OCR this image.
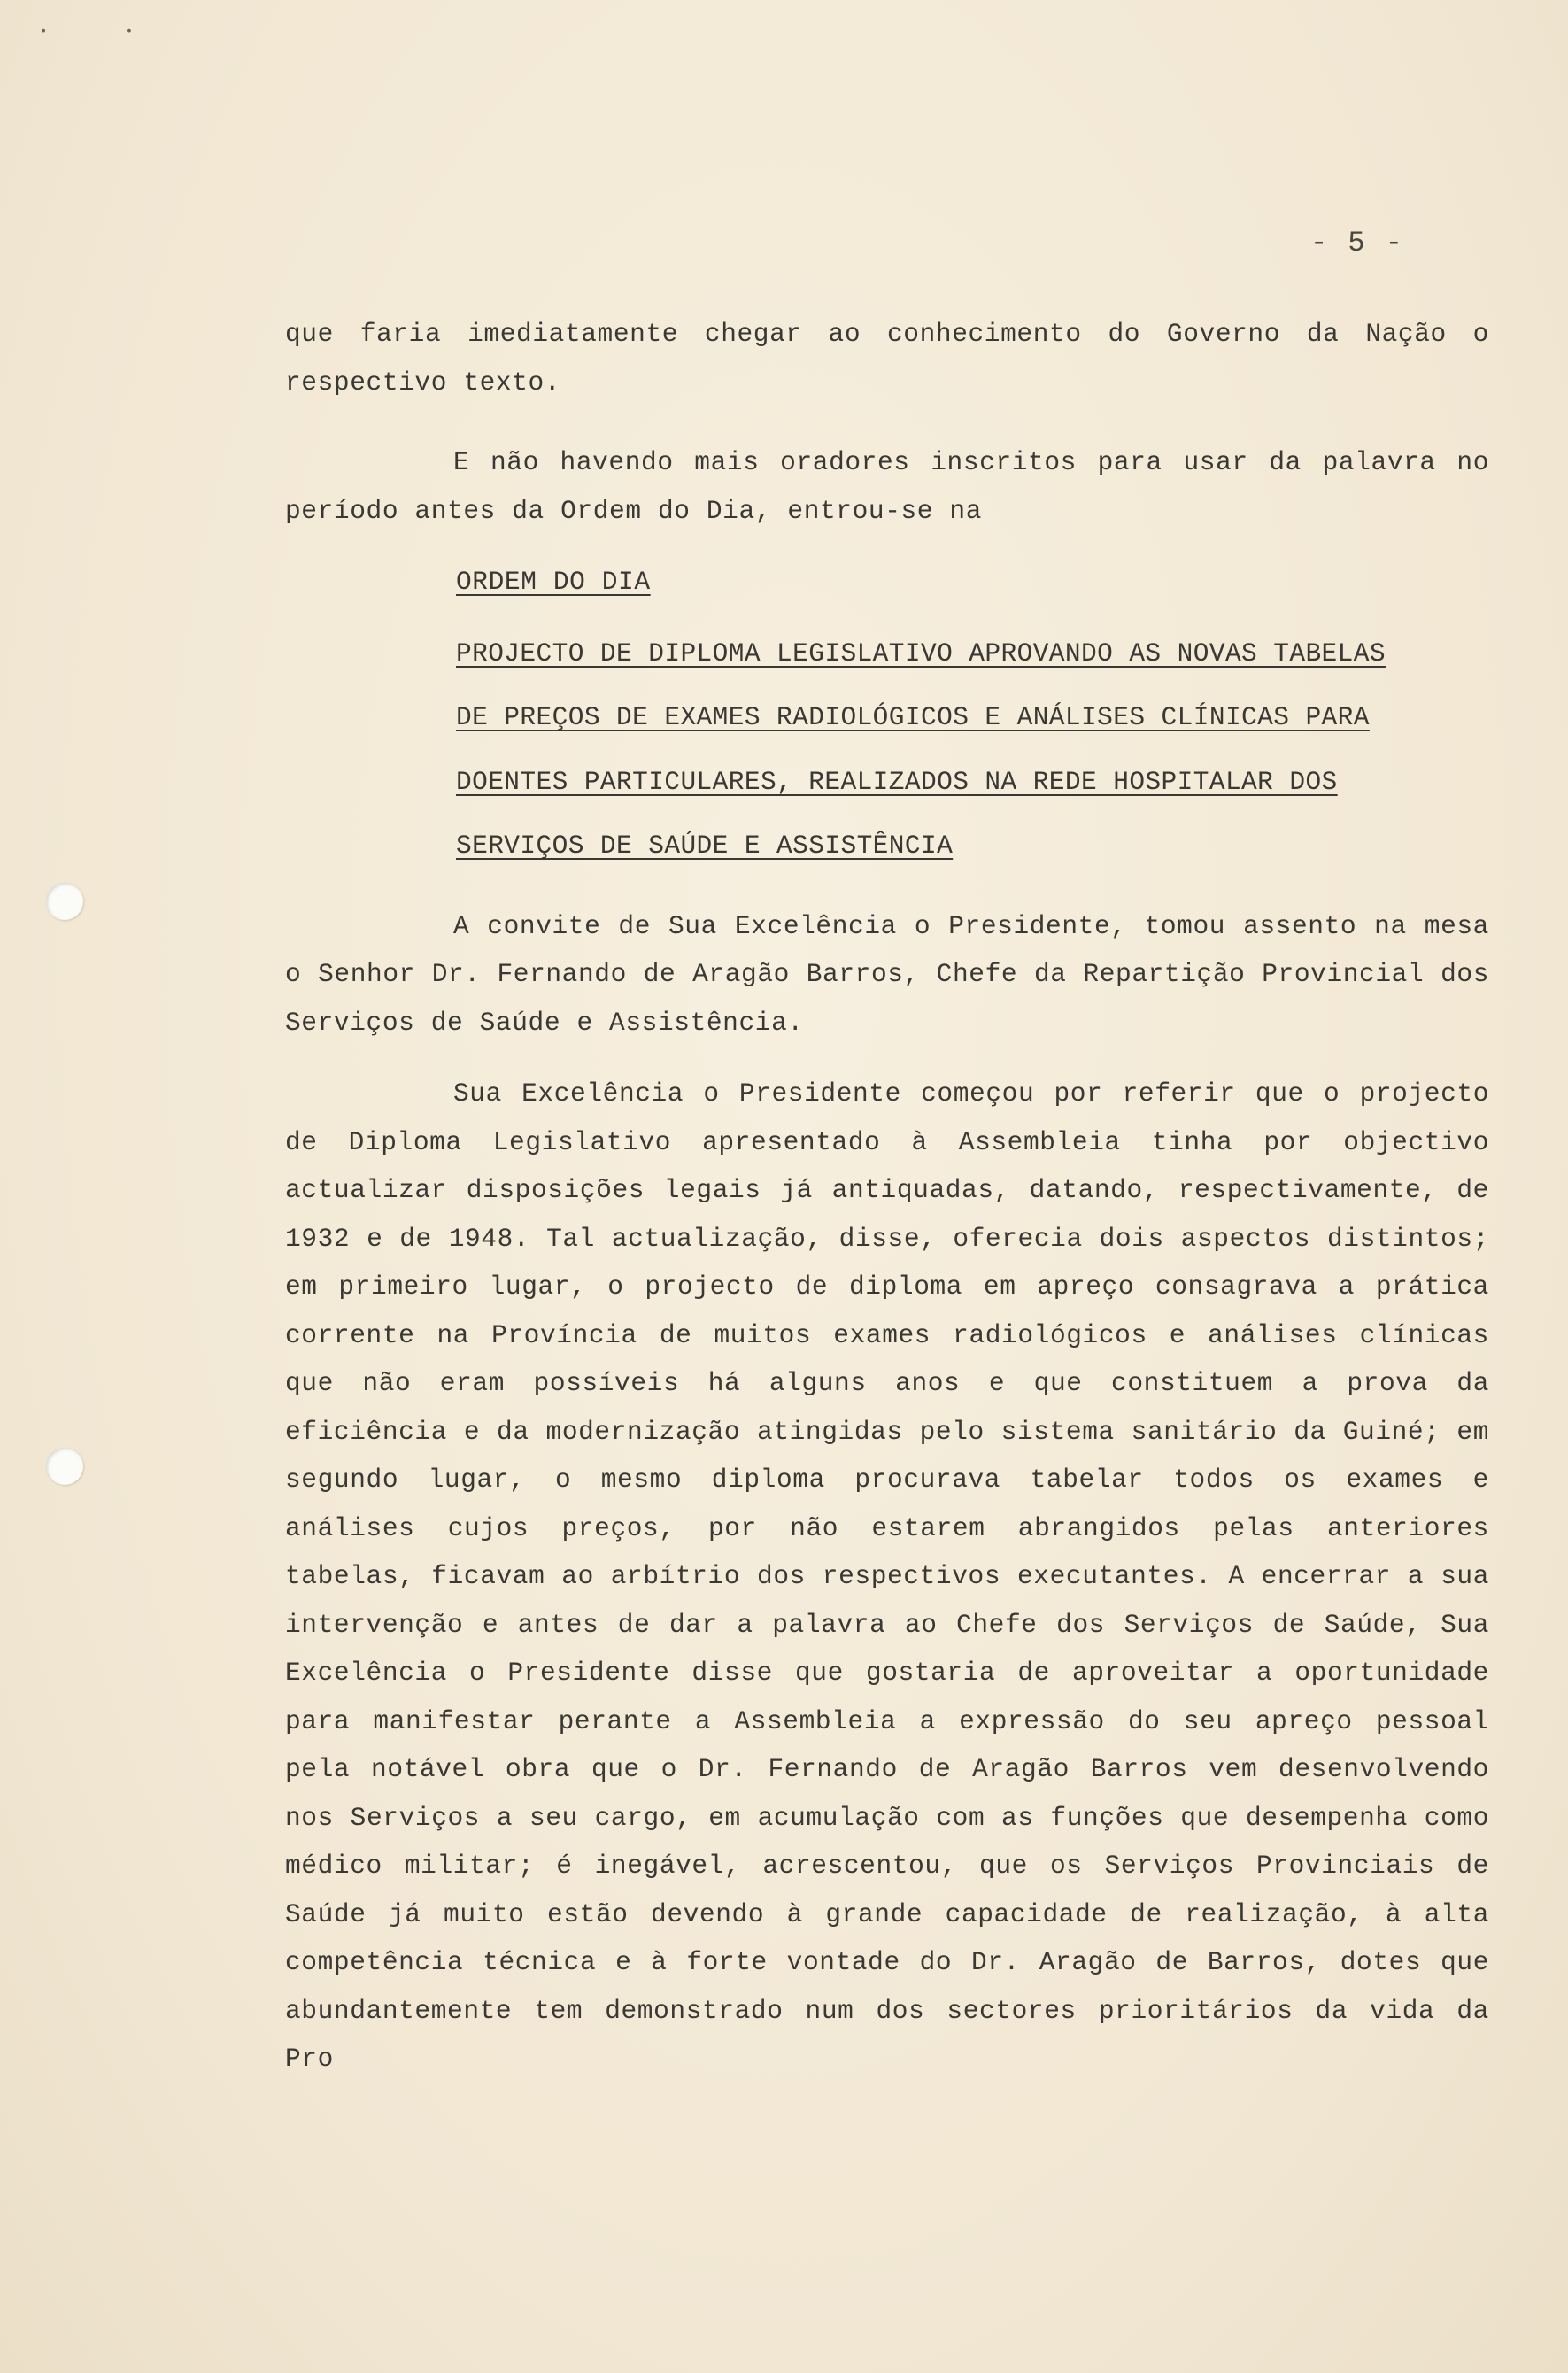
• •
- 5 -

que faria imediatamente chegar ao conhecimento do Governo da Nação o respectivo texto.

E não havendo mais oradores inscritos para usar da palavra no período antes da Ordem do Dia, entrou-se na

ORDEM DO DIA

PROJECTO DE DIPLOMA LEGISLATIVO APROVANDO AS NOVAS TABELAS

DE PREÇOS DE EXAMES RADIOLÓGICOS E ANÁLISES CLÍNICAS PARA

DOENTES PARTICULARES, REALIZADOS NA REDE HOSPITALAR DOS

SERVIÇOS DE SAÚDE E ASSISTÊNCIA

A convite de Sua Excelência o Presidente, tomou assento na mesa o Senhor Dr. Fernando de Aragão Barros, Chefe da Repartição Provincial dos Serviços de Saúde e Assistência.

Sua Excelência o Presidente começou por referir que o projecto de Diploma Legislativo apresentado à Assembleia tinha por objectivo actualizar disposições legais já antiquadas, datando, respectivamente, de 1932 e de 1948. Tal actualização, disse, oferecia dois aspectos distintos; em primeiro lugar, o projecto de diploma em apreço consagrava a prática corrente na Província de muitos exames radiológicos e análises clínicas que não eram possíveis há alguns anos e que constituem a prova da eficiência e da modernização atingidas pelo sistema sanitário da Guiné; em segundo lugar, o mesmo diploma procurava tabelar todos os exames e análises cujos preços, por não estarem abrangidos pelas anteriores tabelas, ficavam ao arbítrio dos respectivos executantes. A encerrar a sua intervenção e antes de dar a palavra ao Chefe dos Serviços de Saúde, Sua Excelência o Presidente disse que gostaria de aproveitar a oportunidade para manifestar perante a Assembleia a expressão do seu apreço pessoal pela notável obra que o Dr. Fernando de Aragão Barros vem desenvolvendo nos Serviços a seu cargo, em acumulação com as funções que desempenha como médico militar; é inegável, acrescentou, que os Serviços Provinciais de Saúde já muito estão devendo à grande capacidade de realização, à alta competência técnica e à forte vontade do Dr. Aragão de Barros, dotes que abundantemente tem demonstrado num dos sectores prioritários da vida da Pro
